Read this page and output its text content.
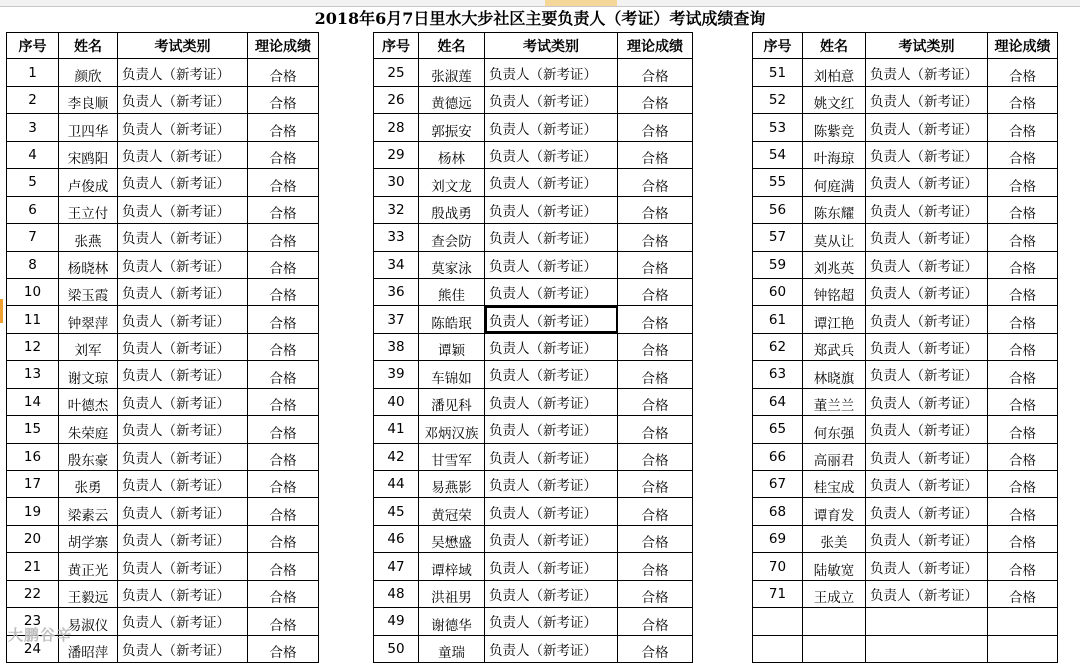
2018年6月7日里水大步社区主要负责人（考证）考试成绩查询
序号	姓名	考试类别	理论成绩
1	颜欣	负责人（新考证）	合格
2	李良顺	负责人（新考证）	合格
3	卫四华	负责人（新考证）	合格
4	宋鸥阳	负责人（新考证）	合格
5	卢俊成	负责人（新考证）	合格
6	王立付	负责人（新考证）	合格
7	张燕	负责人（新考证）	合格
8	杨晓林	负责人（新考证）	合格
10	梁玉霞	负责人（新考证）	合格
11	钟翠萍	负责人（新考证）	合格
12	刘军	负责人（新考证）	合格
13	谢文琼	负责人（新考证）	合格
14	叶德杰	负责人（新考证）	合格
15	朱荣庭	负责人（新考证）	合格
16	殷东豪	负责人（新考证）	合格
17	张勇	负责人（新考证）	合格
19	梁素云	负责人（新考证）	合格
20	胡学寨	负责人（新考证）	合格
21	黄正光	负责人（新考证）	合格
22	王毅远	负责人（新考证）	合格
23	易淑仪	负责人（新考证）	合格
24	潘昭萍	负责人（新考证）	合格
序号	姓名	考试类别	理论成绩
25	张淑莲	负责人（新考证）	合格
26	黄德远	负责人（新考证）	合格
28	郭振安	负责人（新考证）	合格
29	杨林	负责人（新考证）	合格
30	刘文龙	负责人（新考证）	合格
32	殷战勇	负责人（新考证）	合格
33	查会防	负责人（新考证）	合格
34	莫家泳	负责人（新考证）	合格
36	熊佳	负责人（新考证）	合格
37	陈皓珉	负责人（新考证）	合格
38	谭颖	负责人（新考证）	合格
39	车锦如	负责人（新考证）	合格
40	潘见科	负责人（新考证）	合格
41	邓炳汉族	负责人（新考证）	合格
42	甘雪军	负责人（新考证）	合格
44	易燕影	负责人（新考证）	合格
45	黄冠荣	负责人（新考证）	合格
46	吴懋盛	负责人（新考证）	合格
47	谭梓域	负责人（新考证）	合格
48	洪祖男	负责人（新考证）	合格
49	谢德华	负责人（新考证）	合格
50	童瑞	负责人（新考证）	合格
序号	姓名	考试类别	理论成绩
51	刘柏意	负责人（新考证）	合格
52	姚文红	负责人（新考证）	合格
53	陈紫竞	负责人（新考证）	合格
54	叶海琼	负责人（新考证）	合格
55	何庭满	负责人（新考证）	合格
56	陈东耀	负责人（新考证）	合格
57	莫从让	负责人（新考证）	合格
59	刘兆英	负责人（新考证）	合格
60	钟铭超	负责人（新考证）	合格
61	谭江艳	负责人（新考证）	合格
62	郑武兵	负责人（新考证）	合格
63	林晓旗	负责人（新考证）	合格
64	董兰兰	负责人（新考证）	合格
65	何东强	负责人（新考证）	合格
66	高丽君	负责人（新考证）	合格
67	桂宝成	负责人（新考证）	合格
68	谭育发	负责人（新考证）	合格
69	张美	负责人（新考证）	合格
70	陆敏宽	负责人（新考证）	合格
71	王成立	负责人（新考证）	合格

大鹏谷辛
